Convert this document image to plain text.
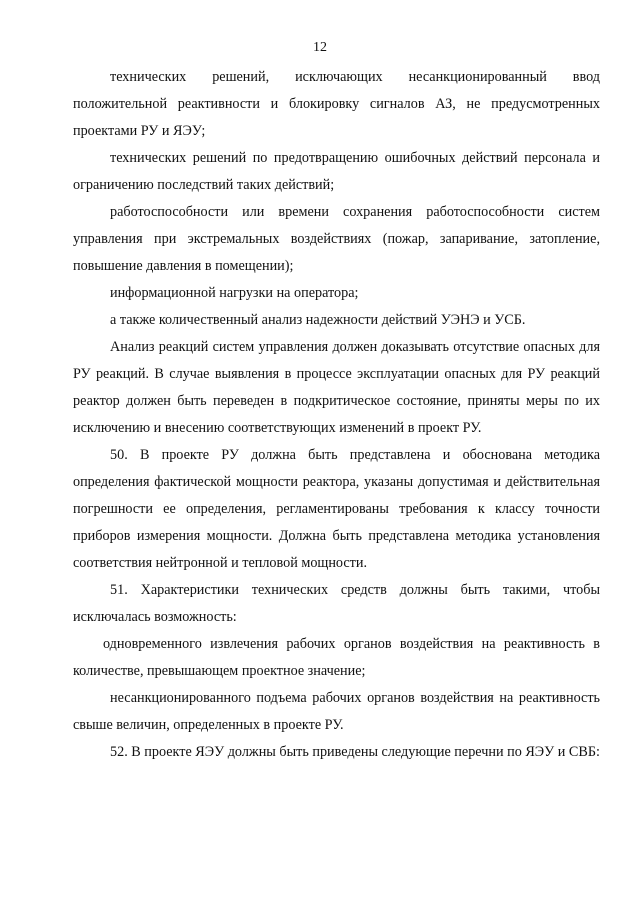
12

технических решений, исключающих несанкционированный ввод положительной реактивности и блокировку сигналов АЗ, не предусмотренных проектами РУ и ЯЭУ;

технических решений по предотвращению ошибочных действий персонала и ограничению последствий таких действий;

работоспособности или времени сохранения работоспособности систем управления при экстремальных воздействиях (пожар, запаривание, затопление, повышение давления в помещении);

информационной нагрузки на оператора;

а также количественный анализ надежности действий УЭНЭ и УСБ.

Анализ реакций систем управления должен доказывать отсутствие опасных для РУ реакций. В случае выявления в процессе эксплуатации опасных для РУ реакций реактор должен быть переведен в подкритическое состояние, приняты меры по их исключению и внесению соответствующих изменений в проект РУ.

50. В проекте РУ должна быть представлена и обоснована методика определения фактической мощности реактора, указаны допустимая и действительная погрешности ее определения, регламентированы требования к классу точности приборов измерения мощности. Должна быть представлена методика установления соответствия нейтронной и тепловой мощности.

51. Характеристики технических средств должны быть такими, чтобы исключалась возможность:

одновременного извлечения рабочих органов воздействия на реактивность в количестве, превышающем проектное значение;

несанкционированного подъема рабочих органов воздействия на реактивность свыше величин, определенных в проекте РУ.

52. В проекте ЯЭУ должны быть приведены следующие перечни по ЯЭУ и СВБ:
